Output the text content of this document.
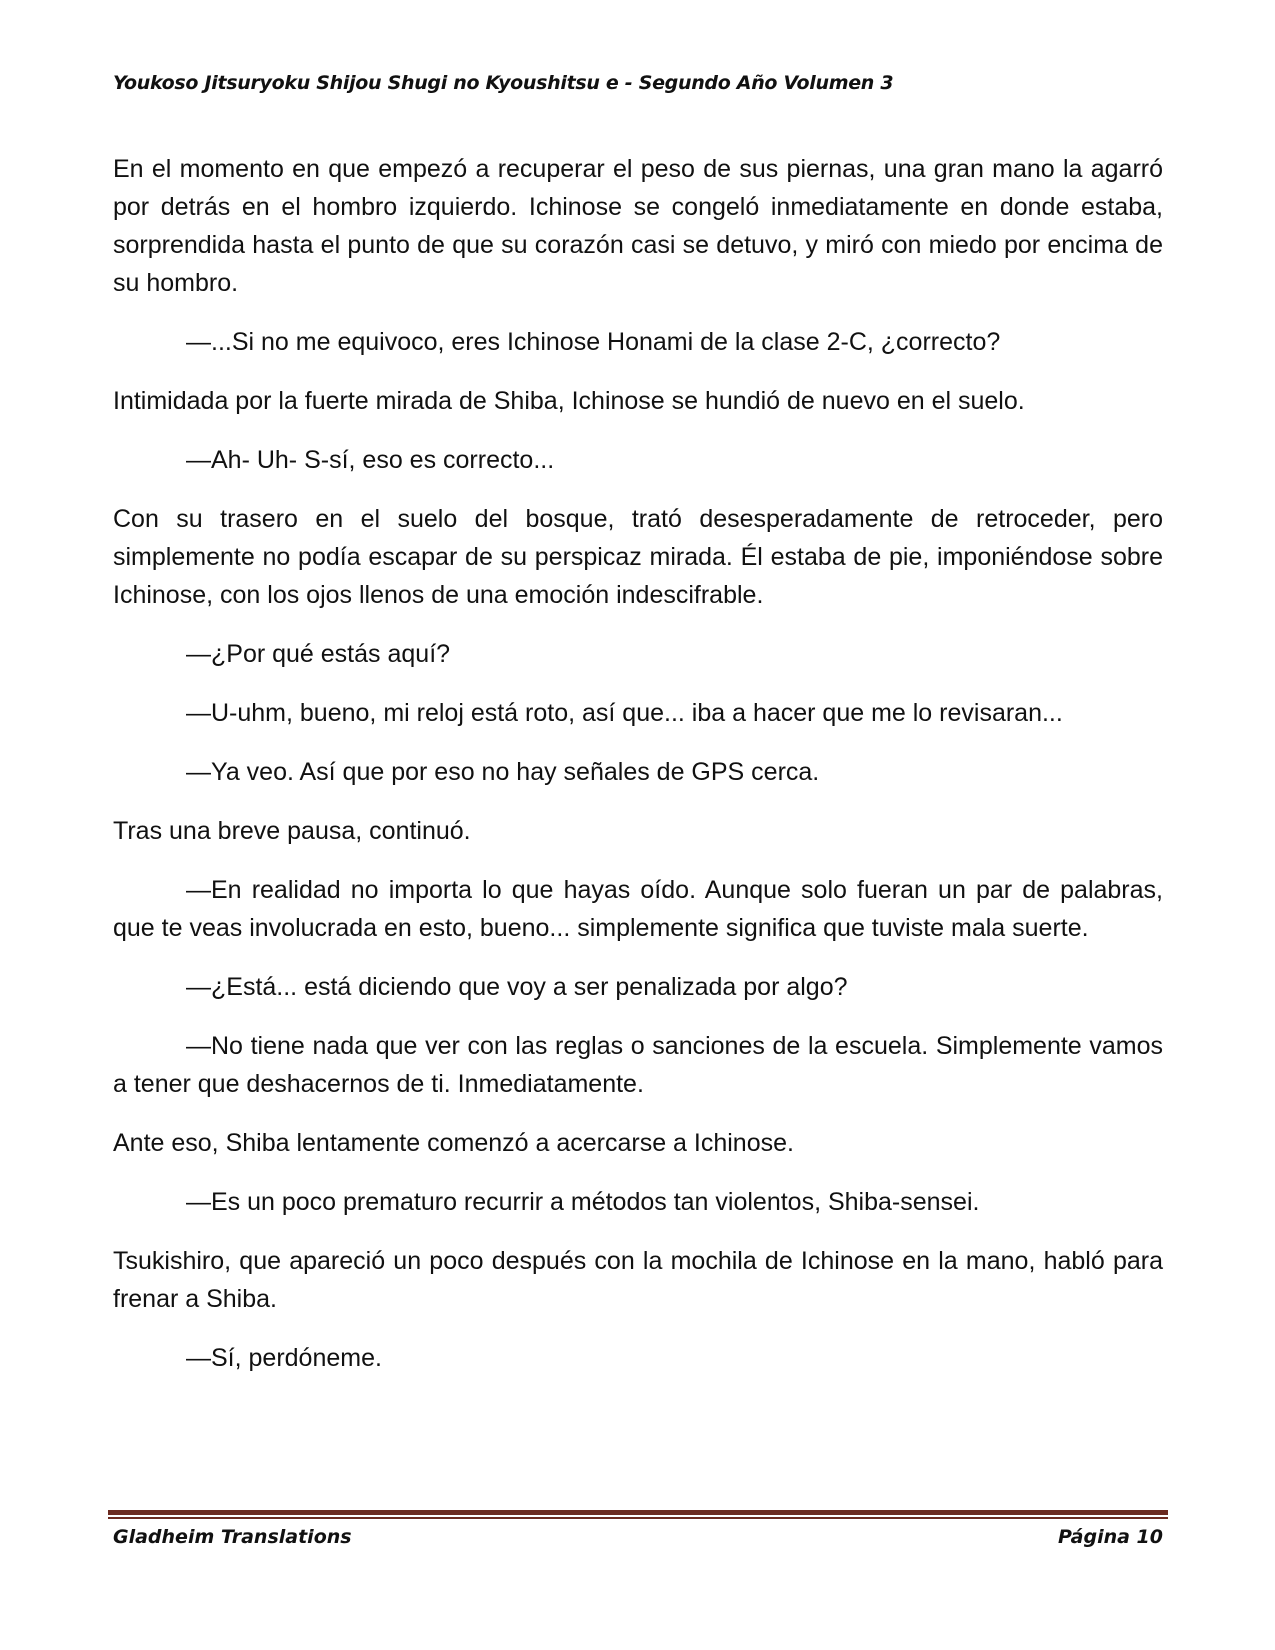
Youkoso Jitsuryoku Shijou Shugi no Kyoushitsu e - Segundo Año Volumen 3

En el momento en que empezó a recuperar el peso de sus piernas, una gran mano la agarró por detrás en el hombro izquierdo. Ichinose se congeló inmediatamente en donde estaba, sorprendida hasta el punto de que su corazón casi se detuvo, y miró con miedo por encima de su hombro.

—...Si no me equivoco, eres Ichinose Honami de la clase 2-C, ¿correcto?

Intimidada por la fuerte mirada de Shiba, Ichinose se hundió de nuevo en el suelo.

—Ah- Uh- S-sí, eso es correcto...

Con su trasero en el suelo del bosque, trató desesperadamente de retroceder, pero simplemente no podía escapar de su perspicaz mirada. Él estaba de pie, imponiéndose sobre Ichinose, con los ojos llenos de una emoción indescifrable.

—¿Por qué estás aquí?

—U-uhm, bueno, mi reloj está roto, así que... iba a hacer que me lo revisaran...

—Ya veo. Así que por eso no hay señales de GPS cerca.

Tras una breve pausa, continuó.

—En realidad no importa lo que hayas oído. Aunque solo fueran un par de palabras, que te veas involucrada en esto, bueno... simplemente significa que tuviste mala suerte.

—¿Está... está diciendo que voy a ser penalizada por algo?

—No tiene nada que ver con las reglas o sanciones de la escuela. Simplemente vamos a tener que deshacernos de ti. Inmediatamente.

Ante eso, Shiba lentamente comenzó a acercarse a Ichinose.

—Es un poco prematuro recurrir a métodos tan violentos, Shiba-sensei.

Tsukishiro, que apareció un poco después con la mochila de Ichinose en la mano, habló para frenar a Shiba.

—Sí, perdóneme.

Gladheim Translations	Página 10
